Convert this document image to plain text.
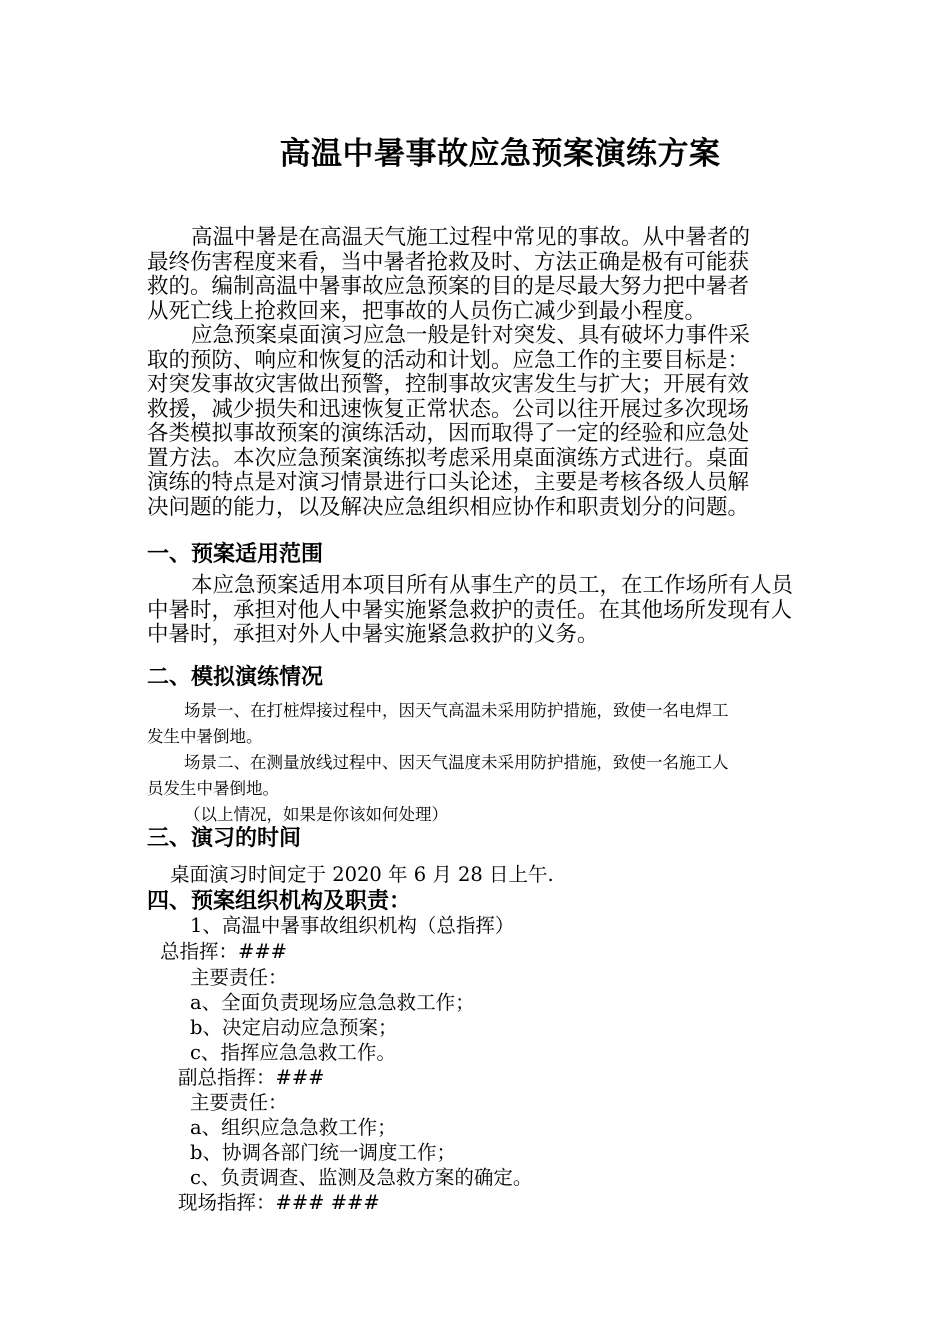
高温中暑事故应急预案演练方案
高温中暑是在高温天气施工过程中常见的事故。从中暑者的
最终伤害程度来看，当中暑者抢救及时、方法正确是极有可能获
救的。编制高温中暑事故应急预案的目的是尽最大努力把中暑者
从死亡线上抢救回来，把事故的人员伤亡减少到最小程度。
应急预案桌面演习应急一般是针对突发、具有破坏力事件采
取的预防、响应和恢复的活动和计划。应急工作的主要目标是：
对突发事故灾害做出预警，控制事故灾害发生与扩大；开展有效
救援，减少损失和迅速恢复正常状态。公司以往开展过多次现场
各类模拟事故预案的演练活动，因而取得了一定的经验和应急处
置方法。本次应急预案演练拟考虑采用桌面演练方式进行。桌面
演练的特点是对演习情景进行口头论述，主要是考核各级人员解
决问题的能力，以及解决应急组织相应协作和职责划分的问题。
一、预案适用范围
本应急预案适用本项目所有从事生产的员工，在工作场所有人员
中暑时，承担对他人中暑实施紧急救护的责任。在其他场所发现有人
中暑时，承担对外人中暑实施紧急救护的义务。
二、模拟演练情况
场景一、在打桩焊接过程中，因天气高温未采用防护措施，致使一名电焊工
发生中暑倒地。
场景二、在测量放线过程中、因天气温度未采用防护措施，致使一名施工人
员发生中暑倒地。
（以上情况，如果是你该如何处理）
三、演习的时间
桌面演习时间定于 2020 年 6 月 28 日上午.
四、预案组织机构及职责：
1、高温中暑事故组织机构（总指挥）
总指挥：###
主要责任：
a、全面负责现场应急急救工作；
b、决定启动应急预案；
c、指挥应急急救工作。
副总指挥：###
主要责任：
a、组织应急急救工作；
b、协调各部门统一调度工作；
c、负责调查、监测及急救方案的确定。
现场指挥：### ###
